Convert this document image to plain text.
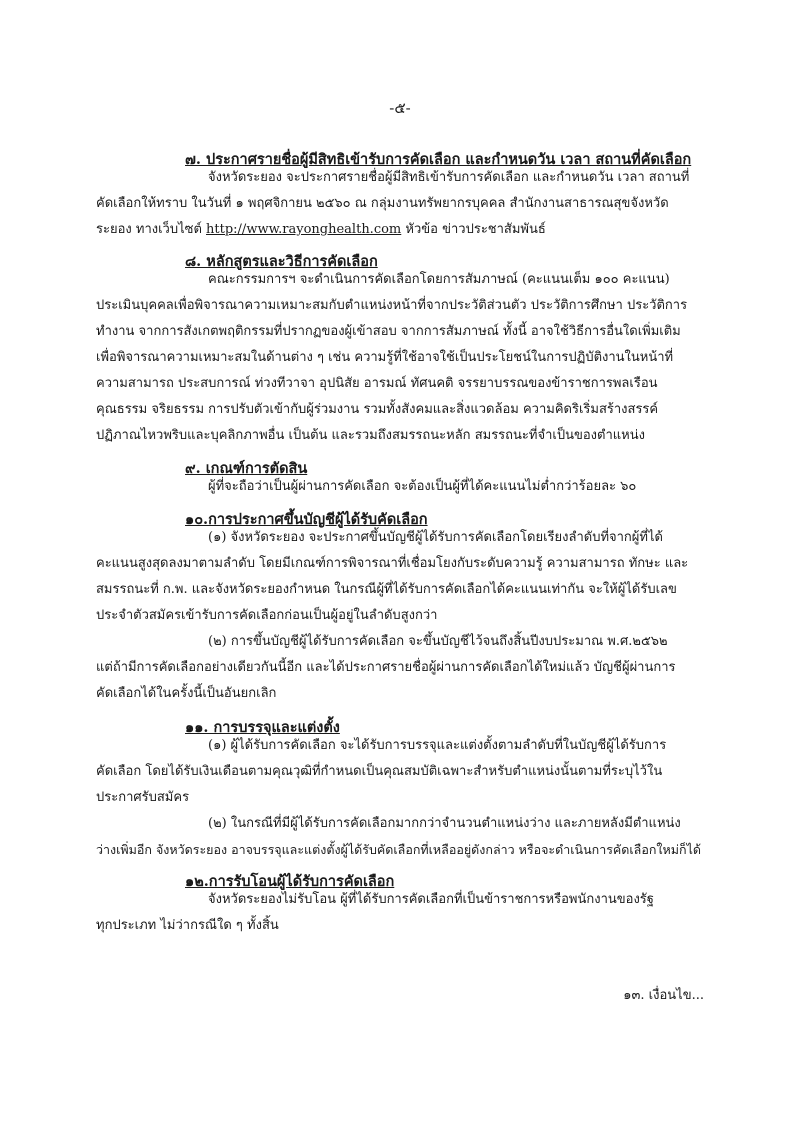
-๕-
๗. ประกาศรายชื่อผู้มีสิทธิเข้ารับการคัดเลือก และกำหนดวัน เวลา สถานที่คัดเลือก
จังหวัดระยอง จะประกาศรายชื่อผู้มีสิทธิเข้ารับการคัดเลือก และกำหนดวัน เวลา สถานที่
คัดเลือกให้ทราบ ในวันที่ ๑ พฤศจิกายน ๒๕๖๐ ณ กลุ่มงานทรัพยากรบุคคล สำนักงานสาธารณสุขจังหวัด
ระยอง ทางเว็บไซต์ http://www.rayonghealth.com หัวข้อ ข่าวประชาสัมพันธ์
๘. หลักสูตรและวิธีการคัดเลือก
คณะกรรมการฯ จะดำเนินการคัดเลือกโดยการสัมภาษณ์ (คะแนนเต็ม ๑๐๐ คะแนน)
ประเมินบุคคลเพื่อพิจารณาความเหมาะสมกับตำแหน่งหน้าที่จากประวัติส่วนตัว ประวัติการศึกษา ประวัติการ
ทำงาน จากการสังเกตพฤติกรรมที่ปรากฏของผู้เข้าสอบ จากการสัมภาษณ์ ทั้งนี้ อาจใช้วิธีการอื่นใดเพิ่มเติม
เพื่อพิจารณาความเหมาะสมในด้านต่าง ๆ เช่น ความรู้ที่ใช้อาจใช้เป็นประโยชน์ในการปฏิบัติงานในหน้าที่
ความสามารถ ประสบการณ์ ท่วงทีวาจา อุปนิสัย อารมณ์ ทัศนคติ จรรยาบรรณของข้าราชการพลเรือน
คุณธรรม จริยธรรม การปรับตัวเข้ากับผู้ร่วมงาน รวมทั้งสังคมและสิ่งแวดล้อม ความคิดริเริ่มสร้างสรรค์
ปฏิภาณไหวพริบและบุคลิกภาพอื่น เป็นต้น และรวมถึงสมรรถนะหลัก สมรรถนะที่จำเป็นของตำแหน่ง
๙. เกณฑ์การตัดสิน
ผู้ที่จะถือว่าเป็นผู้ผ่านการคัดเลือก จะต้องเป็นผู้ที่ได้คะแนนไม่ต่ำกว่าร้อยละ ๖๐
๑๐.การประกาศขึ้นบัญชีผู้ได้รับคัดเลือก
(๑) จังหวัดระยอง จะประกาศขึ้นบัญชีผู้ได้รับการคัดเลือกโดยเรียงลำดับที่จากผู้ที่ได้
คะแนนสูงสุดลงมาตามลำดับ โดยมีเกณฑ์การพิจารณาที่เชื่อมโยงกับระดับความรู้ ความสามารถ ทักษะ และ
สมรรถนะที่ ก.พ. และจังหวัดระยองกำหนด ในกรณีผู้ที่ได้รับการคัดเลือกได้คะแนนเท่ากัน จะให้ผู้ได้รับเลข
ประจำตัวสมัครเข้ารับการคัดเลือกก่อนเป็นผู้อยู่ในลำดับสูงกว่า
(๒) การขึ้นบัญชีผู้ได้รับการคัดเลือก จะขึ้นบัญชีไว้จนถึงสิ้นปีงบประมาณ พ.ศ.๒๕๖๒
แต่ถ้ามีการคัดเลือกอย่างเดียวกันนี้อีก และได้ประกาศรายชื่อผู้ผ่านการคัดเลือกได้ใหม่แล้ว บัญชีผู้ผ่านการ
คัดเลือกได้ในครั้งนี้เป็นอันยกเลิก
๑๑. การบรรจุและแต่งตั้ง
(๑) ผู้ได้รับการคัดเลือก จะได้รับการบรรจุและแต่งตั้งตามลำดับที่ในบัญชีผู้ได้รับการ
คัดเลือก โดยได้รับเงินเดือนตามคุณวุฒิที่กำหนดเป็นคุณสมบัติเฉพาะสำหรับตำแหน่งนั้นตามที่ระบุไว้ใน
ประกาศรับสมัคร
(๒) ในกรณีที่มีผู้ได้รับการคัดเลือกมากกว่าจำนวนตำแหน่งว่าง และภายหลังมีตำแหน่ง
ว่างเพิ่มอีก จังหวัดระยอง อาจบรรจุและแต่งตั้งผู้ได้รับคัดเลือกที่เหลืออยู่ดังกล่าว หรือจะดำเนินการคัดเลือกใหม่ก็ได้
๑๒.การรับโอนผู้ได้รับการคัดเลือก
จังหวัดระยองไม่รับโอน ผู้ที่ได้รับการคัดเลือกที่เป็นข้าราชการหรือพนักงานของรัฐ
ทุกประเภท ไม่ว่ากรณีใด ๆ ทั้งสิ้น
๑๓. เงื่อนไข...
